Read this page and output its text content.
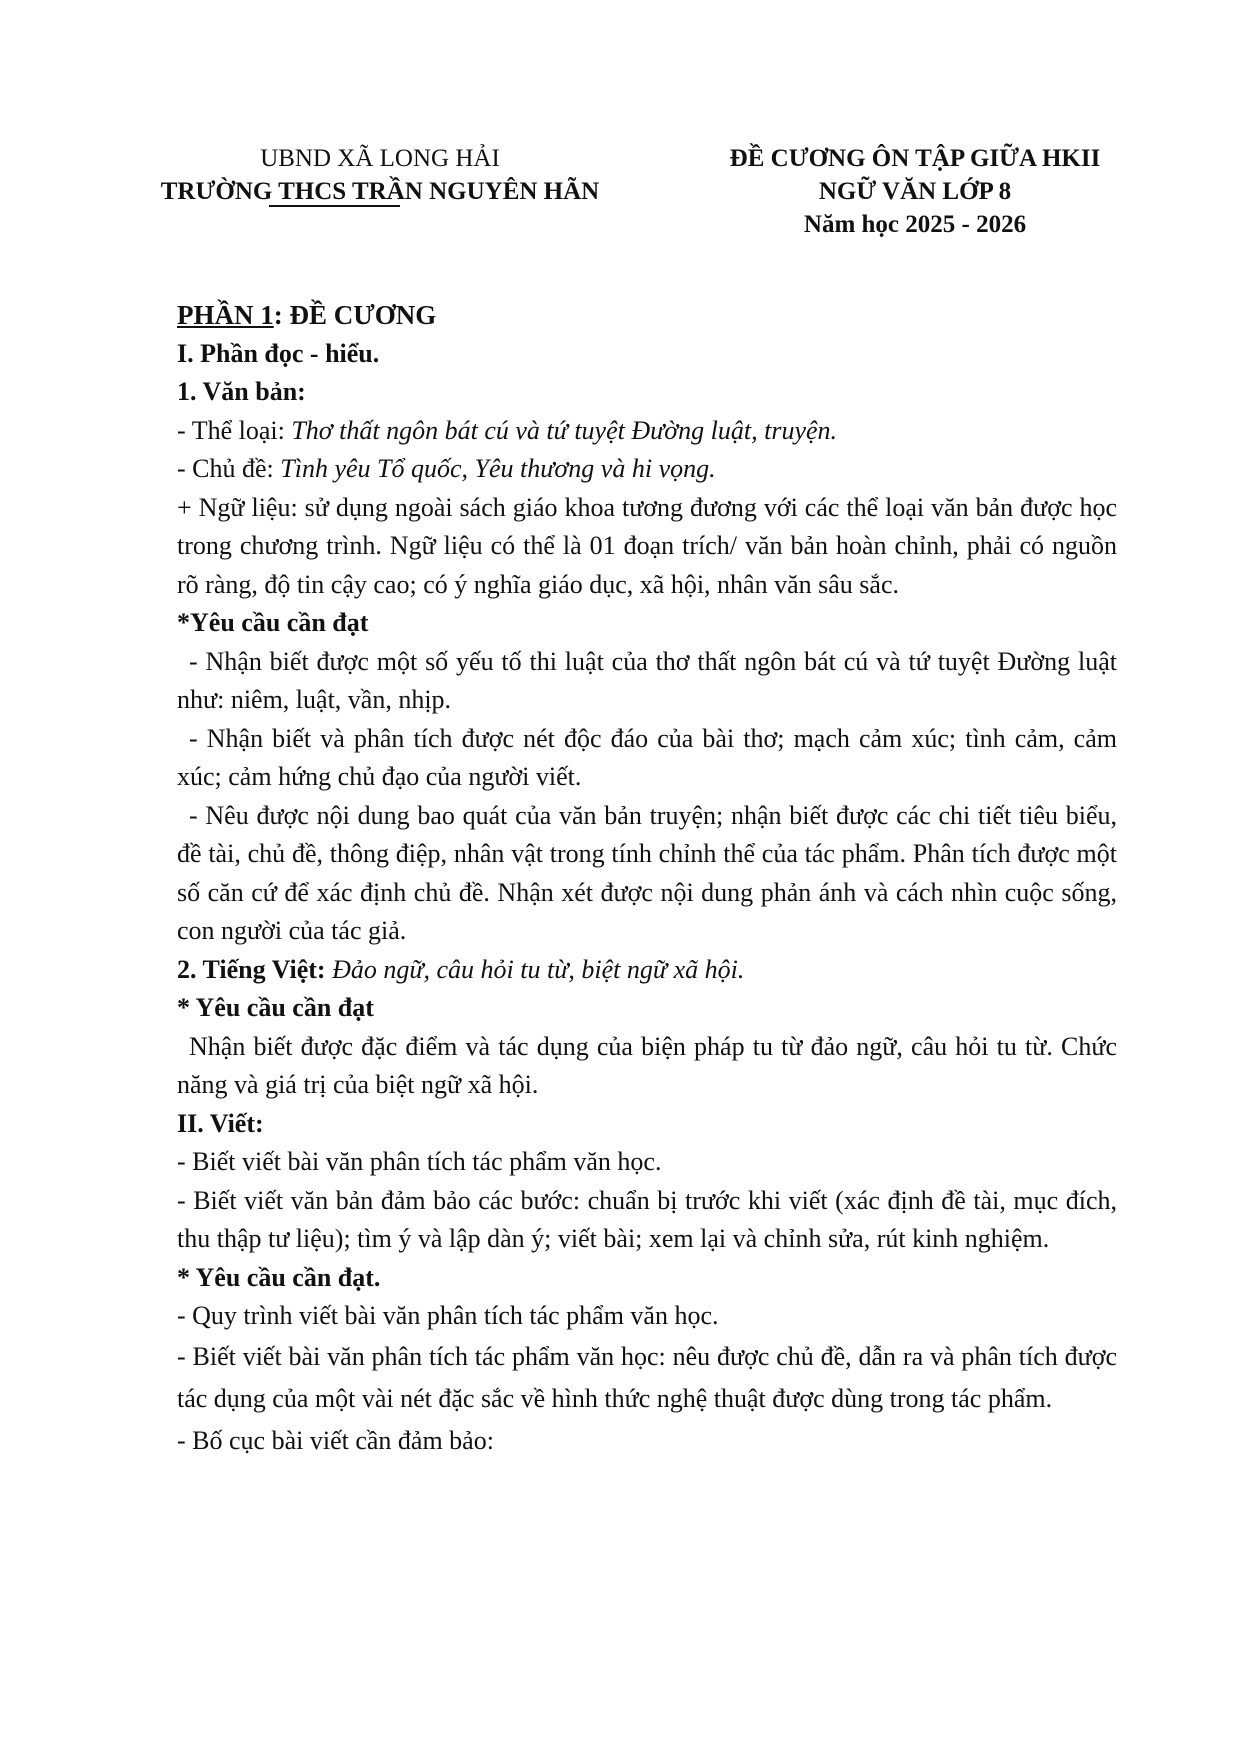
UBND XÃ LONG HẢI
TRƯỜNG THCS TRẦN NGUYÊN HÃN
ĐỀ CƯƠNG ÔN TẬP GIỮA HKII
NGỮ VĂN LỚP 8
Năm học 2025 - 2026

PHẦN 1: ĐỀ CƯƠNG

I. Phần đọc - hiểu.

1. Văn bản:

- Thể loại: Thơ thất ngôn bát cú và tứ tuyệt Đường luật, truyện.

- Chủ đề: Tình yêu Tổ quốc, Yêu thương và hi vọng.

+ Ngữ liệu: sử dụng ngoài sách giáo khoa tương đương với các thể loại văn bản được học trong chương trình. Ngữ liệu có thể là 01 đoạn trích/ văn bản hoàn chỉnh, phải có nguồn rõ ràng, độ tin cậy cao; có ý nghĩa giáo dục, xã hội, nhân văn sâu sắc.

*Yêu cầu cần đạt

- Nhận biết được một số yếu tố thi luật của thơ thất ngôn bát cú và tứ tuyệt Đường luật như: niêm, luật, vần, nhịp.

- Nhận biết và phân tích được nét độc đáo của bài thơ; mạch cảm xúc; tình cảm, cảm xúc; cảm hứng chủ đạo của người viết.

- Nêu được nội dung bao quát của văn bản truyện; nhận biết được các chi tiết tiêu biểu, đề tài, chủ đề, thông điệp, nhân vật trong tính chỉnh thể của tác phẩm. Phân tích được một số căn cứ để xác định chủ đề. Nhận xét được nội dung phản ánh và cách nhìn cuộc sống, con người của tác giả.

2. Tiếng Việt: Đảo ngữ, câu hỏi tu từ, biệt ngữ xã hội.

* Yêu cầu cần đạt

Nhận biết được đặc điểm và tác dụng của biện pháp tu từ đảo ngữ, câu hỏi tu từ. Chức năng và giá trị của biệt ngữ xã hội.

II. Viết:

- Biết viết bài văn phân tích tác phẩm văn học.

- Biết viết văn bản đảm bảo các bước: chuẩn bị trước khi viết (xác định đề tài, mục đích, thu thập tư liệu); tìm ý và lập dàn ý; viết bài; xem lại và chỉnh sửa, rút kinh nghiệm.

* Yêu cầu cần đạt.

- Quy trình viết bài văn phân tích tác phẩm văn học.

- Biết viết bài văn phân tích tác phẩm văn học: nêu được chủ đề, dẫn ra và phân tích được tác dụng của một vài nét đặc sắc về hình thức nghệ thuật được dùng trong tác phẩm.

- Bố cục bài viết cần đảm bảo:
